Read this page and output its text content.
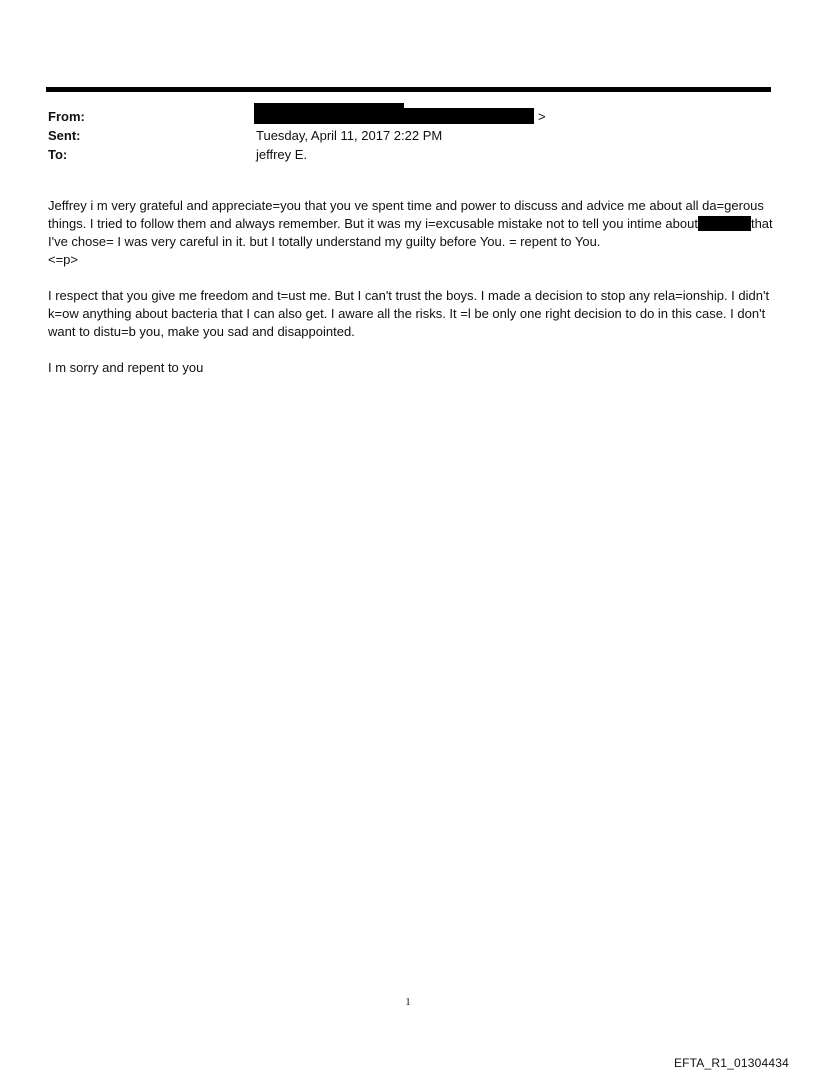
From:	>
Sent:	Tuesday, April 11, 2017 2:22 PM
To:	jeffrey E.

Jeffrey i m very grateful and appreciate=you that you ve spent time and power to discuss and advice me about all da=gerous things. I tried to follow them and always remember. But it was my i=excusable mistake not to tell you intime about	that I've chose= I was very careful in it. but I totally understand my guilty before You. = repent to You.
<=p>

I respect that you give me freedom and t=ust me. But I can't trust the boys. I made a decision to stop any rela=ionship. I didn't k=ow anything about bacteria that I can also get. I aware all the risks. It =l be only one right decision to do in this case. I don't want to distu=b you, make you sad and disappointed.

I m sorry and repent to you

1
EFTA_R1_01304434
